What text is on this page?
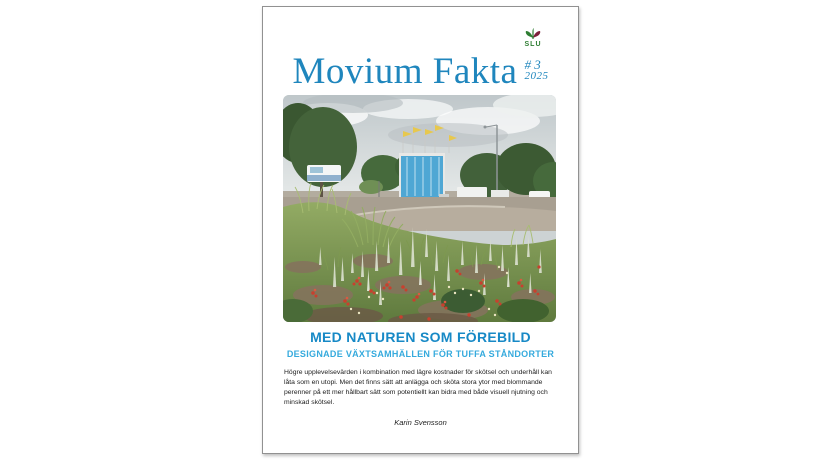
SLU
Movium Fakta # 3
2025
MED NATUREN SOM FÖREBILD
DESIGNADE VÄXTSAMHÄLLEN FÖR TUFFA STÅNDORTER

Högre upplevelsevärden i kombination med lägre kostnader för skötsel och underhåll kan låta som en utopi. Men det finns sätt att anlägga och sköta stora ytor med blommande perenner på ett mer hållbart sätt som potentiellt kan bidra med både visuell njutning och minskad skötsel.

Karin Svensson
